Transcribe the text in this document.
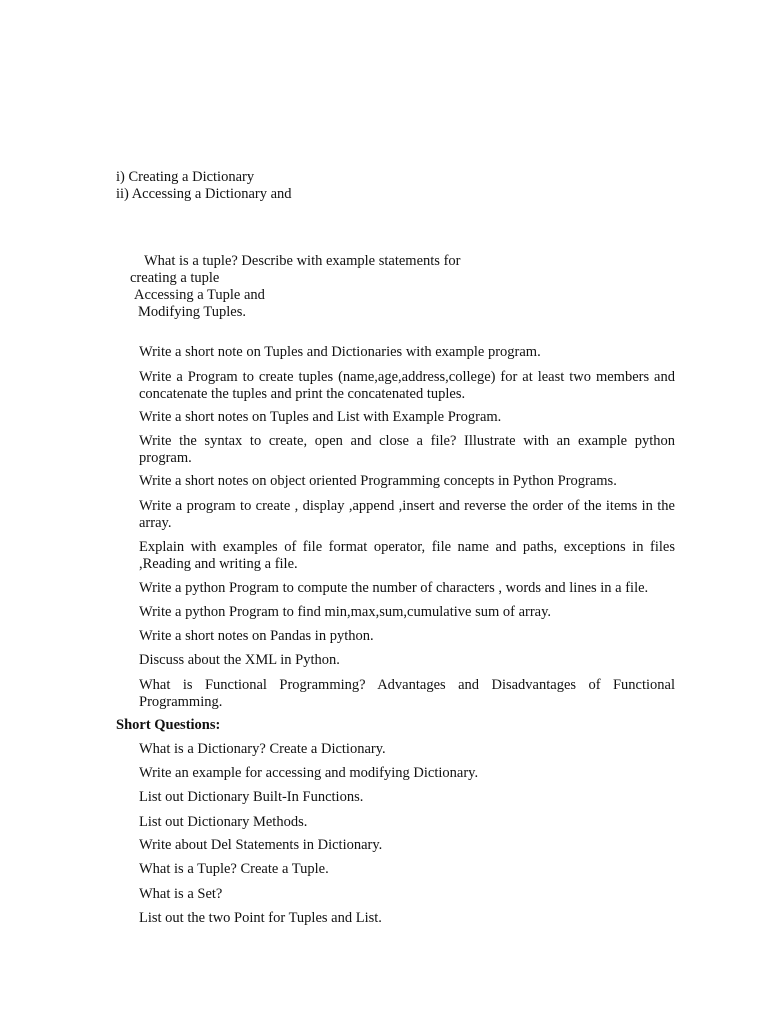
i) Creating a Dictionary
ii) Accessing a Dictionary and
What is a tuple? Describe with example statements for
creating a tuple
Accessing a Tuple and
Modifying Tuples.
Write a short note on Tuples and Dictionaries with example program.
Write a Program to create tuples (name,age,address,college) for at least two members and concatenate the tuples and print the concatenated tuples.
Write a short notes on Tuples and List with Example Program.
Write the syntax to create, open and close a file? Illustrate with an example python program.
Write a short notes on object oriented Programming concepts in Python Programs.
Write a program to create , display ,append ,insert and reverse the order of the items in the array.
Explain with examples of file format operator, file name and paths, exceptions in files ,Reading and writing a file.
Write a python Program to compute the number of characters , words and lines in a file.
Write a python Program to find min,max,sum,cumulative sum of array.
Write a short notes on Pandas in python.
Discuss about the XML in Python.
What is Functional Programming? Advantages and Disadvantages of Functional Programming.
Short Questions:
What is a Dictionary? Create a Dictionary.
Write an example for accessing and modifying Dictionary.
List out Dictionary Built-In Functions.
List out Dictionary Methods.
Write about Del Statements in Dictionary.
What is a Tuple? Create a Tuple.
What is a Set?
List out the two Point for Tuples and List.
